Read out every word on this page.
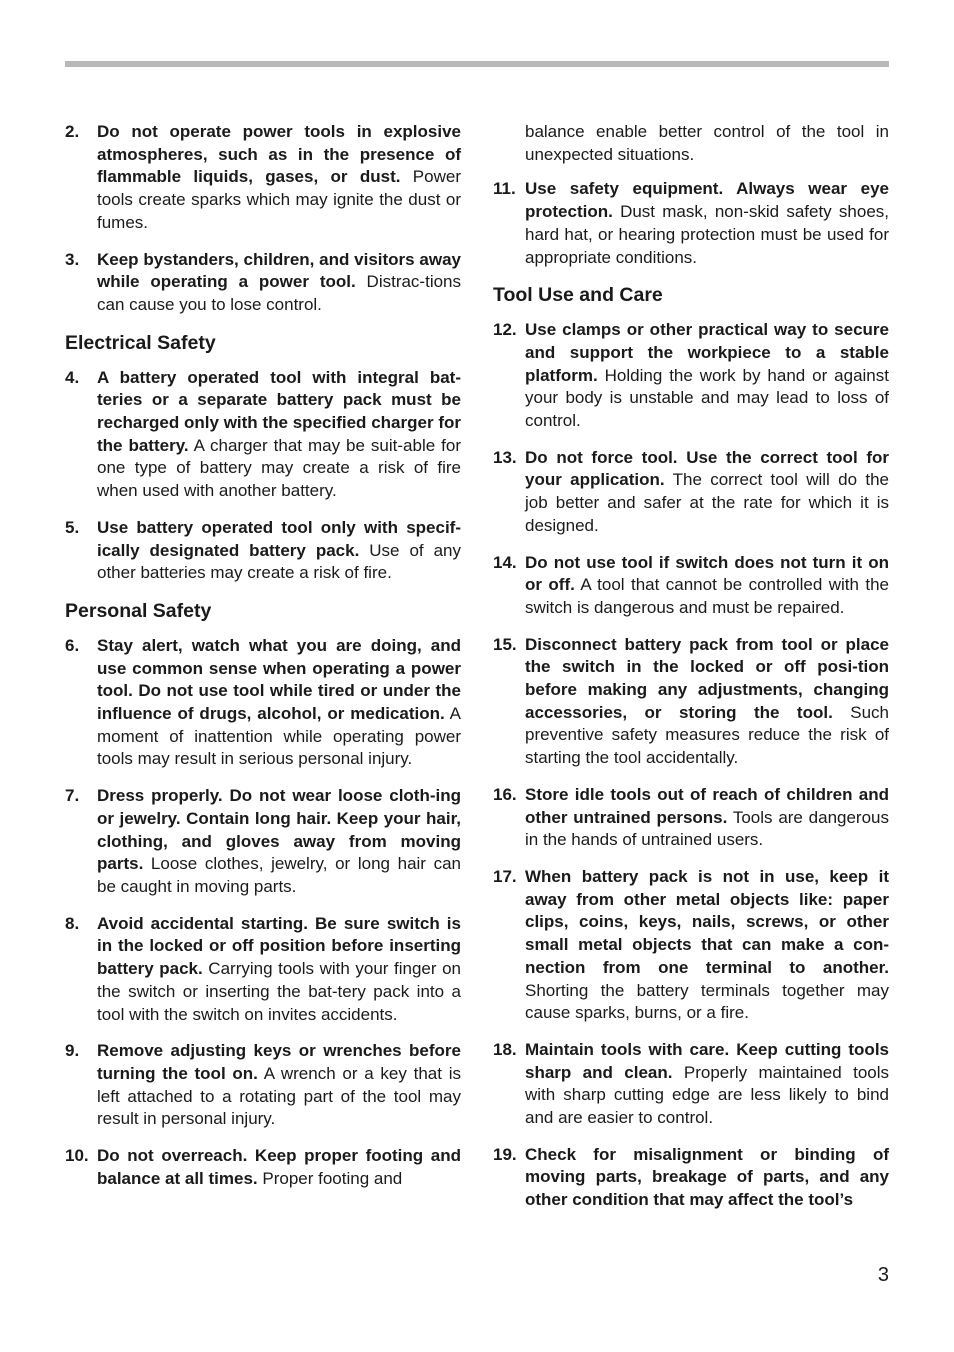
2.	Do not operate power tools in explosive atmospheres, such as in the presence of flammable liquids, gases, or dust. Power tools create sparks which may ignite the dust or fumes.
3.	Keep bystanders, children, and visitors away while operating a power tool. Distrac-tions can cause you to lose control.
Electrical Safety
4.	A battery operated tool with integral bat-teries or a separate battery pack must be recharged only with the specified charger for the battery. A charger that may be suit-able for one type of battery may create a risk of fire when used with another battery.
5.	Use battery operated tool only with specif-ically designated battery pack. Use of any other batteries may create a risk of fire.
Personal Safety
6.	Stay alert, watch what you are doing, and use common sense when operating a power tool. Do not use tool while tired or under the influence of drugs, alcohol, or medication. A moment of inattention while operating power tools may result in serious personal injury.
7.	Dress properly. Do not wear loose cloth-ing or jewelry. Contain long hair. Keep your hair, clothing, and gloves away from moving parts. Loose clothes, jewelry, or long hair can be caught in moving parts.
8.	Avoid accidental starting. Be sure switch is in the locked or off position before inserting battery pack. Carrying tools with your finger on the switch or inserting the bat-tery pack into a tool with the switch on invites accidents.
9.	Remove adjusting keys or wrenches before turning the tool on. A wrench or a key that is left attached to a rotating part of the tool may result in personal injury.
10. Do not overreach. Keep proper footing and balance at all times. Proper footing and
balance enable better control of the tool in unexpected situations.
11. Use safety equipment. Always wear eye protection. Dust mask, non-skid safety shoes, hard hat, or hearing protection must be used for appropriate conditions.
Tool Use and Care
12. Use clamps or other practical way to secure and support the workpiece to a stable platform. Holding the work by hand or against your body is unstable and may lead to loss of control.
13. Do not force tool. Use the correct tool for your application. The correct tool will do the job better and safer at the rate for which it is designed.
14. Do not use tool if switch does not turn it on or off. A tool that cannot be controlled with the switch is dangerous and must be repaired.
15. Disconnect battery pack from tool or place the switch in the locked or off posi-tion before making any adjustments, changing accessories, or storing the tool. Such preventive safety measures reduce the risk of starting the tool accidentally.
16. Store idle tools out of reach of children and other untrained persons. Tools are dangerous in the hands of untrained users.
17. When battery pack is not in use, keep it away from other metal objects like: paper clips, coins, keys, nails, screws, or other small metal objects that can make a con-nection from one terminal to another. Shorting the battery terminals together may cause sparks, burns, or a fire.
18. Maintain tools with care. Keep cutting tools sharp and clean. Properly maintained tools with sharp cutting edge are less likely to bind and are easier to control.
19. Check for misalignment or binding of moving parts, breakage of parts, and any other condition that may affect the tool’s
3
